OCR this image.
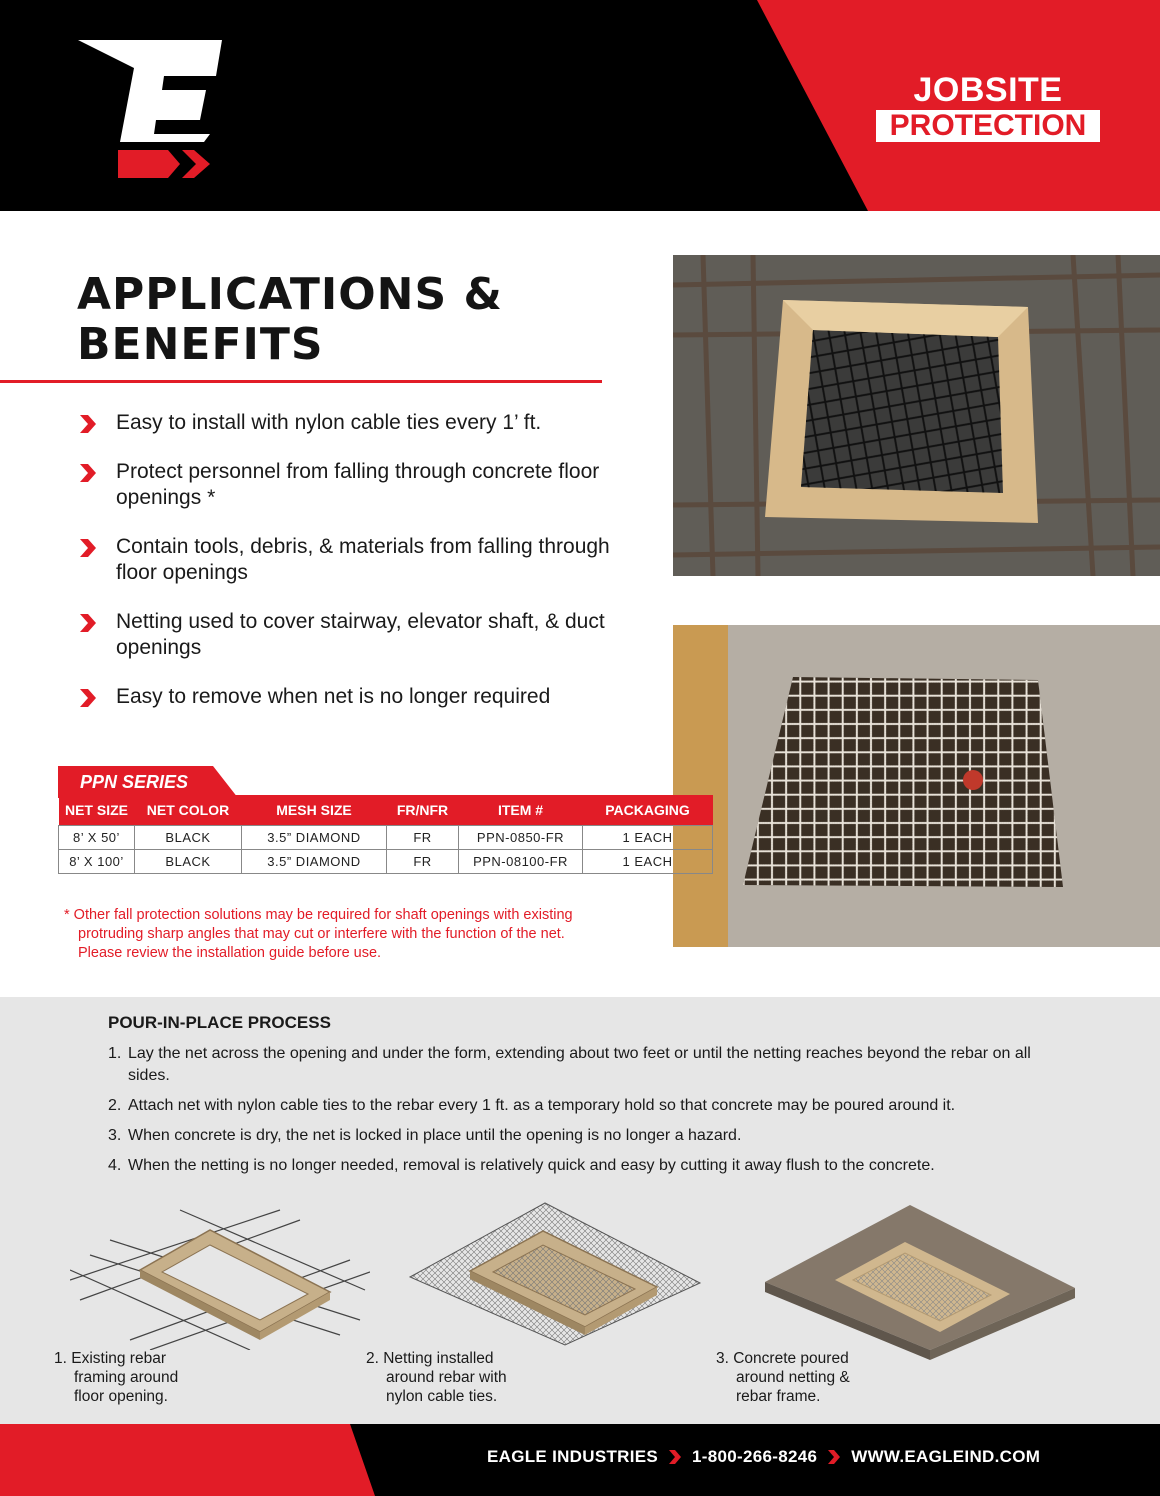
JOBSITE
PROTECTION
APPLICATIONS &
BENEFITS
Easy to install with nylon cable ties every 1’ ft.
Protect personnel from falling through concrete floor openings *
Contain tools, debris, & materials from falling through floor openings
Netting used to cover stairway, elevator shaft, & duct openings
Easy to remove when net is no longer required
PPN SERIES
NET SIZE	NET COLOR	MESH SIZE	FR/NFR	ITEM #	PACKAGING
8’ X 50’	BLACK	3.5” DIAMOND	FR	PPN-0850-FR	1 EACH
8’ X 100’	BLACK	3.5” DIAMOND	FR	PPN-08100-FR	1 EACH
* Other fall protection solutions may be required for shaft openings with existing
protruding sharp angles that may cut or interfere with the function of the net.
Please review the installation guide before use.
POUR-IN-PLACE PROCESS
1. Lay the net across the opening and under the form, extending about two feet or until the netting reaches beyond the rebar on all sides.
2. Attach net with nylon cable ties to the rebar every 1 ft. as a temporary hold so that concrete may be poured around it.
3. When concrete is dry, the net is locked in place until the opening is no longer a hazard.
4. When the netting is no longer needed, removal is relatively quick and easy by cutting it away flush to the concrete.
1. Existing rebar
framing around
floor opening.
2. Netting installed
around rebar with
nylon cable ties.
3. Concrete poured
around netting &
rebar frame.
EAGLE INDUSTRIES 1-800-266-8246 WWW.EAGLEIND.COM
